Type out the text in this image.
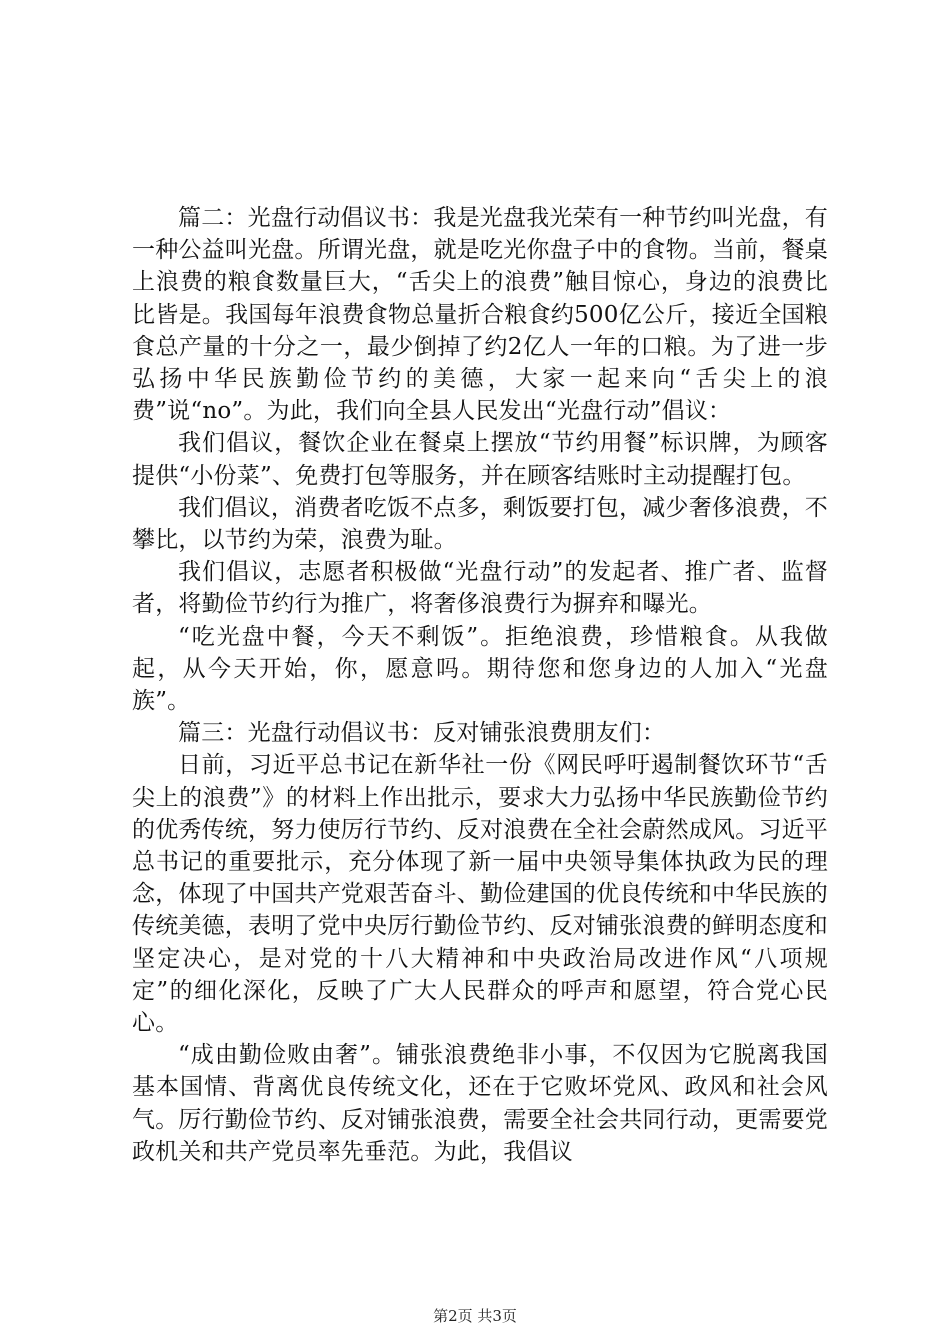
篇二：光盘行动倡议书：我是光盘我光荣有一种节约叫光盘，有一种公益叫光盘。所谓光盘，就是吃光你盘子中的食物。当前，餐桌上浪费的粮食数量巨大，“舌尖上的浪费”触目惊心，身边的浪费比比皆是。我国每年浪费食物总量折合粮食约500亿公斤，接近全国粮食总产量的十分之一，最少倒掉了约2亿人一年的口粮。为了进一步弘扬中华民族勤俭节约的美德，大家一起来向“舌尖上的浪费”说“no”。为此，我们向全县人民发出“光盘行动”倡议：

我们倡议，餐饮企业在餐桌上摆放“节约用餐”标识牌，为顾客提供“小份菜”、免费打包等服务，并在顾客结账时主动提醒打包。

我们倡议，消费者吃饭不点多，剩饭要打包，减少奢侈浪费，不攀比，以节约为荣，浪费为耻。

我们倡议，志愿者积极做“光盘行动”的发起者、推广者、监督者，将勤俭节约行为推广，将奢侈浪费行为摒弃和曝光。

“吃光盘中餐，今天不剩饭”。拒绝浪费，珍惜粮食。从我做起，从今天开始，你，愿意吗。期待您和您身边的人加入“光盘族”。

篇三：光盘行动倡议书：反对铺张浪费朋友们：

日前，习近平总书记在新华社一份《网民呼吁遏制餐饮环节“舌尖上的浪费”》的材料上作出批示，要求大力弘扬中华民族勤俭节约的优秀传统，努力使厉行节约、反对浪费在全社会蔚然成风。习近平总书记的重要批示，充分体现了新一届中央领导集体执政为民的理念，体现了中国共产党艰苦奋斗、勤俭建国的优良传统和中华民族的传统美德，表明了党中央厉行勤俭节约、反对铺张浪费的鲜明态度和坚定决心，是对党的十八大精神和中央政治局改进作风“八项规定”的细化深化，反映了广大人民群众的呼声和愿望，符合党心民心。

“成由勤俭败由奢”。铺张浪费绝非小事，不仅因为它脱离我国基本国情、背离优良传统文化，还在于它败坏党风、政风和社会风气。厉行勤俭节约、反对铺张浪费，需要全社会共同行动，更需要党政机关和共产党员率先垂范。为此，我倡议

第2页 共3页
